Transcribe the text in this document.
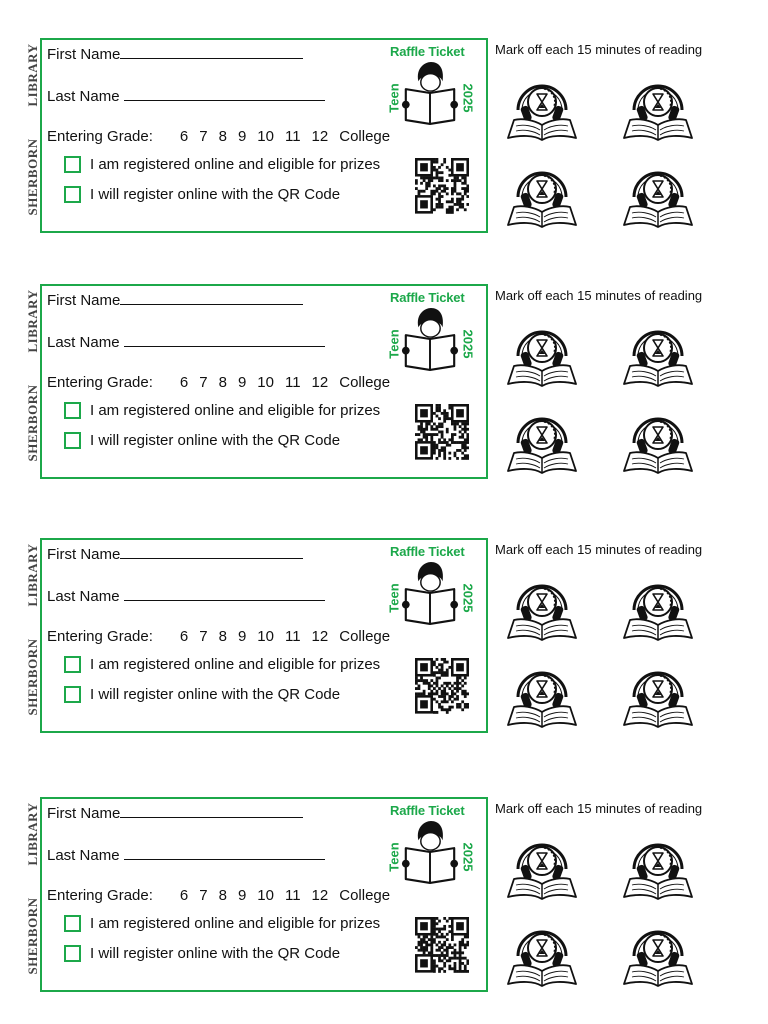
LIBRARY
SHERBORN
First Name
Last Name
Entering Grade: 6 7 8 9 10 11 12 College
I am registered online and eligible for prizes
I will register online with the QR Code
Raffle Ticket
Teen	2025
Mark off each 15 minutes of reading
LIBRARY
SHERBORN
First Name
Last Name
Entering Grade: 6 7 8 9 10 11 12 College
I am registered online and eligible for prizes
I will register online with the QR Code
Raffle Ticket
Teen	2025
Mark off each 15 minutes of reading
LIBRARY
SHERBORN
First Name
Last Name
Entering Grade: 6 7 8 9 10 11 12 College
I am registered online and eligible for prizes
I will register online with the QR Code
Raffle Ticket
Teen	2025
Mark off each 15 minutes of reading
LIBRARY
SHERBORN
First Name
Last Name
Entering Grade: 6 7 8 9 10 11 12 College
I am registered online and eligible for prizes
I will register online with the QR Code
Raffle Ticket
Teen	2025
Mark off each 15 minutes of reading
